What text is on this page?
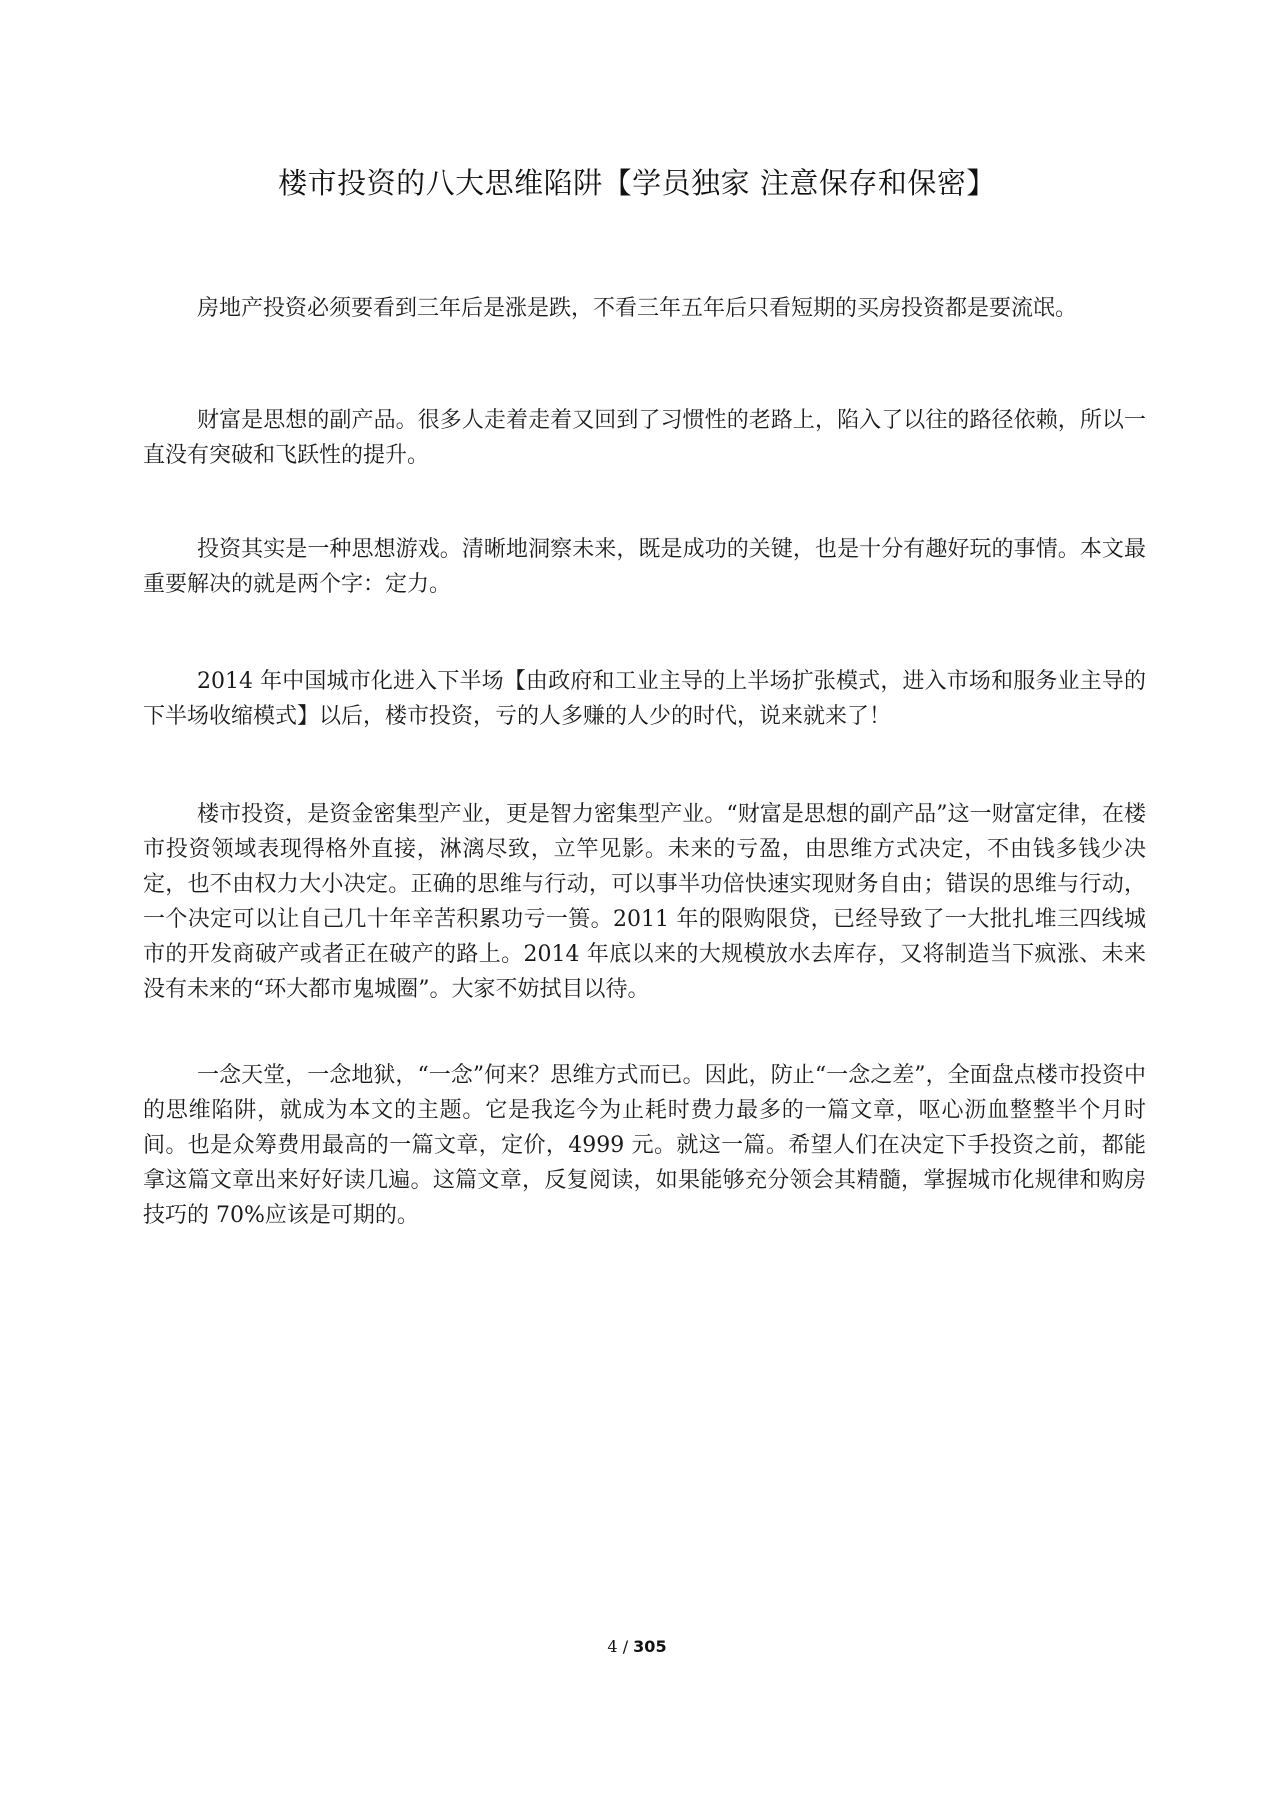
楼市投资的八大思维陷阱【学员独家 注意保存和保密】

房地产投资必须要看到三年后是涨是跌，不看三年五年后只看短期的买房投资都是要流氓。

财富是思想的副产品。很多人走着走着又回到了习惯性的老路上，陷入了以往的路径依赖，所以一直没有突破和飞跃性的提升。

投资其实是一种思想游戏。清晰地洞察未来，既是成功的关键，也是十分有趣好玩的事情。本文最重要解决的就是两个字：定力。

2014 年中国城市化进入下半场【由政府和工业主导的上半场扩张模式，进入市场和服务业主导的下半场收缩模式】以后，楼市投资，亏的人多赚的人少的时代，说来就来了！

楼市投资，是资金密集型产业，更是智力密集型产业。“财富是思想的副产品”这一财富定律，在楼市投资领域表现得格外直接，淋漓尽致，立竿见影。未来的亏盈，由思维方式决定，不由钱多钱少决定，也不由权力大小决定。正确的思维与行动，可以事半功倍快速实现财务自由；错误的思维与行动，一个决定可以让自己几十年辛苦积累功亏一篑。2011 年的限购限贷，已经导致了一大批扎堆三四线城市的开发商破产或者正在破产的路上。2014 年底以来的大规模放水去库存，又将制造当下疯涨、未来没有未来的“环大都市鬼城圈”。大家不妨拭目以待。

一念天堂，一念地狱，“一念”何来？思维方式而已。因此，防止“一念之差”，全面盘点楼市投资中的思维陷阱，就成为本文的主题。它是我迄今为止耗时费力最多的一篇文章，呕心沥血整整半个月时间。也是众筹费用最高的一篇文章，定价，4999 元。就这一篇。希望人们在决定下手投资之前，都能拿这篇文章出来好好读几遍。这篇文章，反复阅读，如果能够充分领会其精髓，掌握城市化规律和购房技巧的 70%应该是可期的。

4 / 305
